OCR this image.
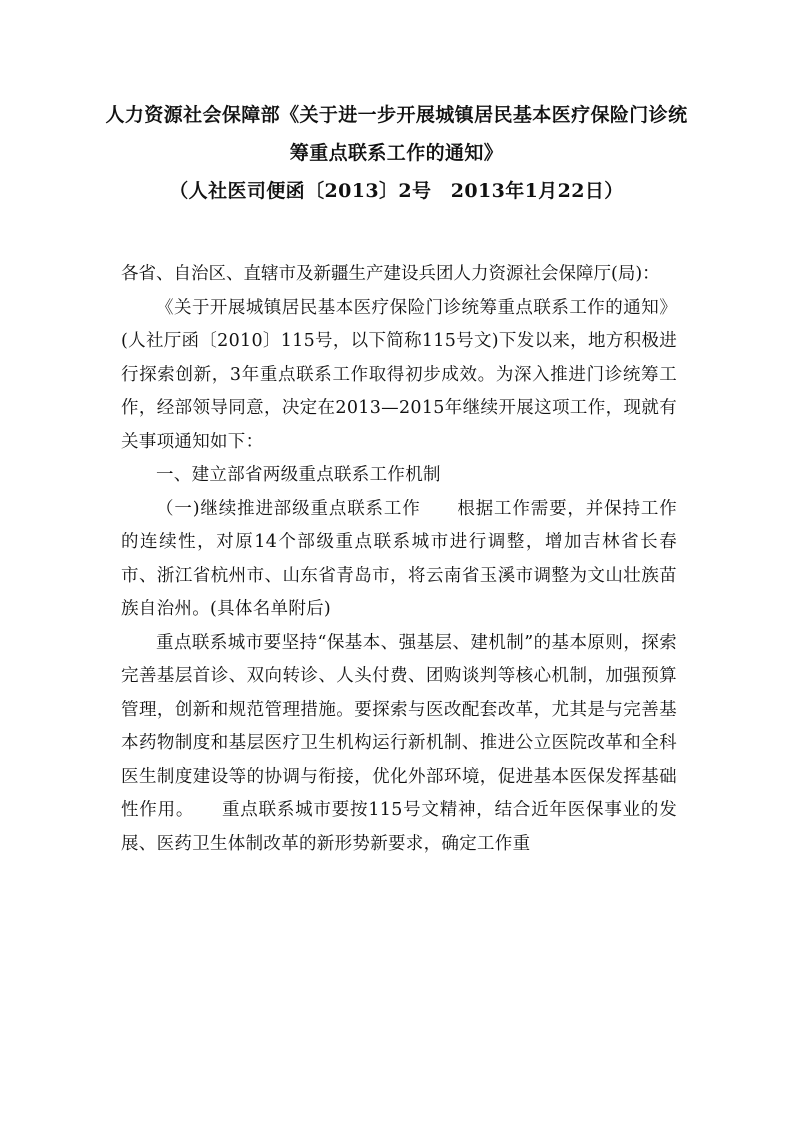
人力资源社会保障部《关于进一步开展城镇居民基本医疗保险门诊统
筹重点联系工作的通知》
（人社医司便函〔2013〕2号　2013年1月22日）

各省、自治区、直辖市及新疆生产建设兵团人力资源社会保障厅(局)：

《关于开展城镇居民基本医疗保险门诊统筹重点联系工作的通知》(人社厅函〔2010〕115号，以下简称115号文)下发以来，地方积极进行探索创新，3年重点联系工作取得初步成效。为深入推进门诊统筹工作，经部领导同意，决定在2013—2015年继续开展这项工作，现就有关事项通知如下：

一、建立部省两级重点联系工作机制

（一)继续推进部级重点联系工作　　根据工作需要，并保持工作的连续性，对原14个部级重点联系城市进行调整，增加吉林省长春市、浙江省杭州市、山东省青岛市，将云南省玉溪市调整为文山壮族苗族自治州。(具体名单附后)

重点联系城市要坚持“保基本、强基层、建机制”的基本原则，探索完善基层首诊、双向转诊、人头付费、团购谈判等核心机制，加强预算管理，创新和规范管理措施。要探索与医改配套改革，尤其是与完善基本药物制度和基层医疗卫生机构运行新机制、推进公立医院改革和全科医生制度建设等的协调与衔接，优化外部环境，促进基本医保发挥基础性作用。　　重点联系城市要按115号文精神，结合近年医保事业的发展、医药卫生体制改革的新形势新要求，确定工作重
